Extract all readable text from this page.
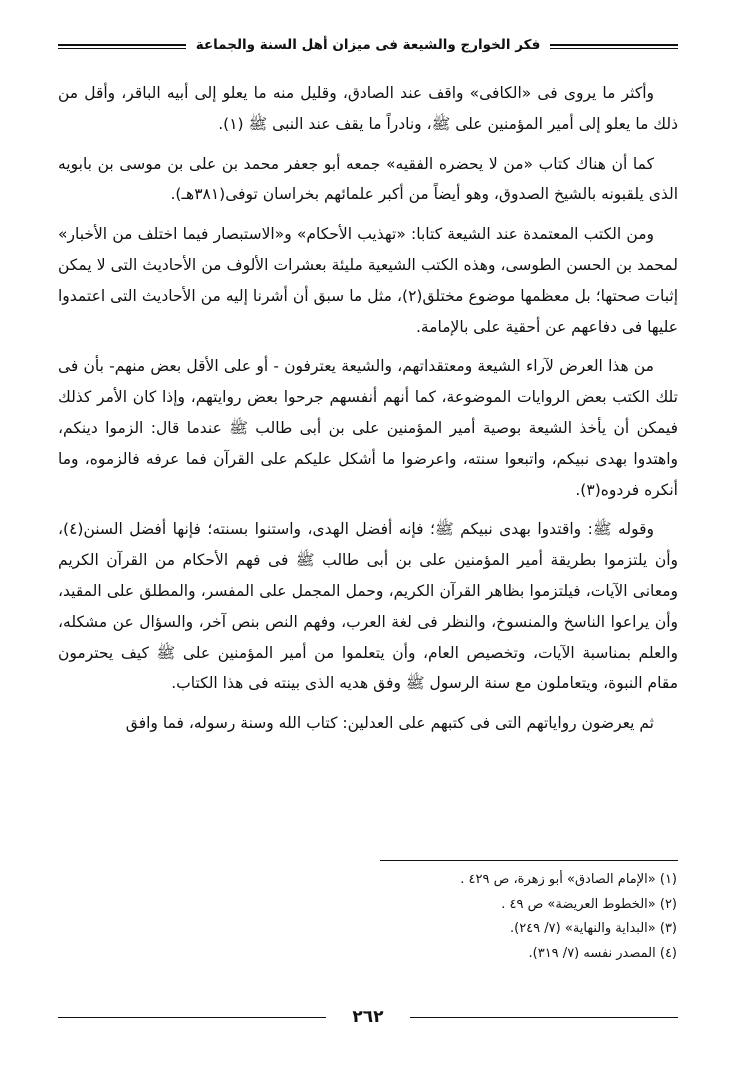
فكر الخوارج والشيعة فى ميزان أهل السنة والجماعة

وأكثر ما يروى فى «الكافى» واقف عند الصادق، وقليل منه ما يعلو إلى أبيه الباقر، وأقل من ذلك ما يعلو إلى أمير المؤمنين على ﷺ، ونادراً ما يقف عند النبى ﷺ (١).

كما أن هناك كتاب «من لا يحضره الفقيه» جمعه أبو جعفر محمد بن على بن موسى بن بابويه الذى يلقبونه بالشيخ الصدوق، وهو أيضاً من أكبر علمائهم بخراسان توفى(٣٨١هـ).

ومن الكتب المعتمدة عند الشيعة كتابا: «تهذيب الأحكام» و«الاستبصار فيما اختلف من الأخبار» لمحمد بن الحسن الطوسى، وهذه الكتب الشيعية مليئة بعشرات الألوف من الأحاديث التى لا يمكن إثبات صحتها؛ بل معظمها موضوع مختلق(٢)، مثل ما سبق أن أشرنا إليه من الأحاديث التى اعتمدوا عليها فى دفاعهم عن أحقية على بالإمامة.

من هذا العرض لآراء الشيعة ومعتقداتهم، والشيعة يعترفون - أو على الأقل بعض منهم- بأن فى تلك الكتب بعض الروايات الموضوعة، كما أنهم أنفسهم جرحوا بعض روايتهم، وإذا كان الأمر كذلك فيمكن أن يأخذ الشيعة بوصية أمير المؤمنين على بن أبى طالب ﷺ عندما قال: الزموا دينكم، واهتدوا بهدى نبيكم، واتبعوا سنته، واعرضوا ما أشكل عليكم على القرآن فما عرفه فالزموه، وما أنكره فردوه(٣).

وقوله ﷺ: واقتدوا بهدى نبيكم ﷺ؛ فإنه أفضل الهدى، واستنوا بسنته؛ فإنها أفضل السنن(٤)، وأن يلتزموا بطريقة أمير المؤمنين على بن أبى طالب ﷺ فى فهم الأحكام من القرآن الكريم ومعانى الآيات، فيلتزموا بظاهر القرآن الكريم، وحمل المجمل على المفسر، والمطلق على المقيد، وأن يراعوا الناسخ والمنسوخ، والنظر فى لغة العرب، وفهم النص بنص آخر، والسؤال عن مشكله، والعلم بمناسبة الآيات، وتخصيص العام، وأن يتعلموا من أمير المؤمنين على ﷺ كيف يحترمون مقام النبوة، ويتعاملون مع سنة الرسول ﷺ وفق هديه الذى بينته فى هذا الكتاب.

ثم يعرضون رواياتهم التى فى كتبهم على العدلين: كتاب الله وسنة رسوله، فما وافق

(١) «الإمام الصادق» أبو زهرة، ص ٤٢٩ .
(٢) «الخطوط العريضة» ص ٤٩ .
(٣) «البداية والنهاية» (٧/ ٢٤٩).
(٤) المصدر نفسه (٧/ ٣١٩).
٢٦٢
